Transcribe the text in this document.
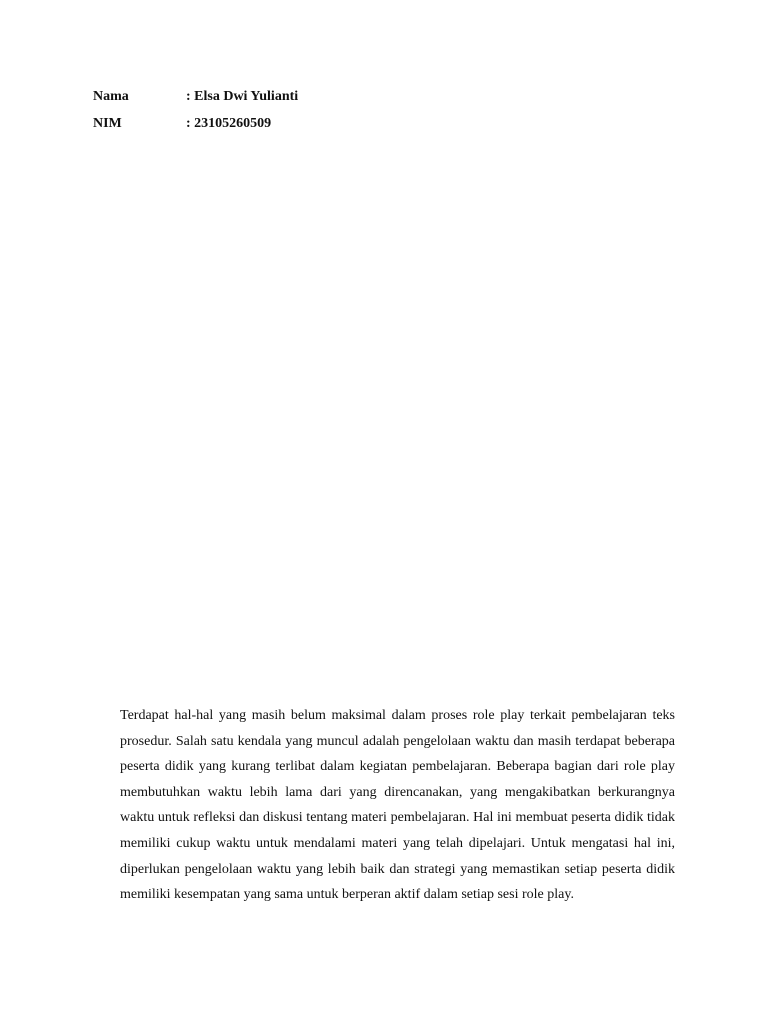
Nama	: Elsa Dwi Yulianti
NIM	: 23105260509

Terdapat hal-hal yang masih belum maksimal dalam proses role play terkait pembelajaran teks prosedur. Salah satu kendala yang muncul adalah pengelolaan waktu dan masih terdapat beberapa peserta didik yang kurang terlibat dalam kegiatan pembelajaran. Beberapa bagian dari role play membutuhkan waktu lebih lama dari yang direncanakan, yang mengakibatkan berkurangnya waktu untuk refleksi dan diskusi tentang materi pembelajaran. Hal ini membuat peserta didik tidak memiliki cukup waktu untuk mendalami materi yang telah dipelajari. Untuk mengatasi hal ini, diperlukan pengelolaan waktu yang lebih baik dan strategi yang memastikan setiap peserta didik memiliki kesempatan yang sama untuk berperan aktif dalam setiap sesi role play.
